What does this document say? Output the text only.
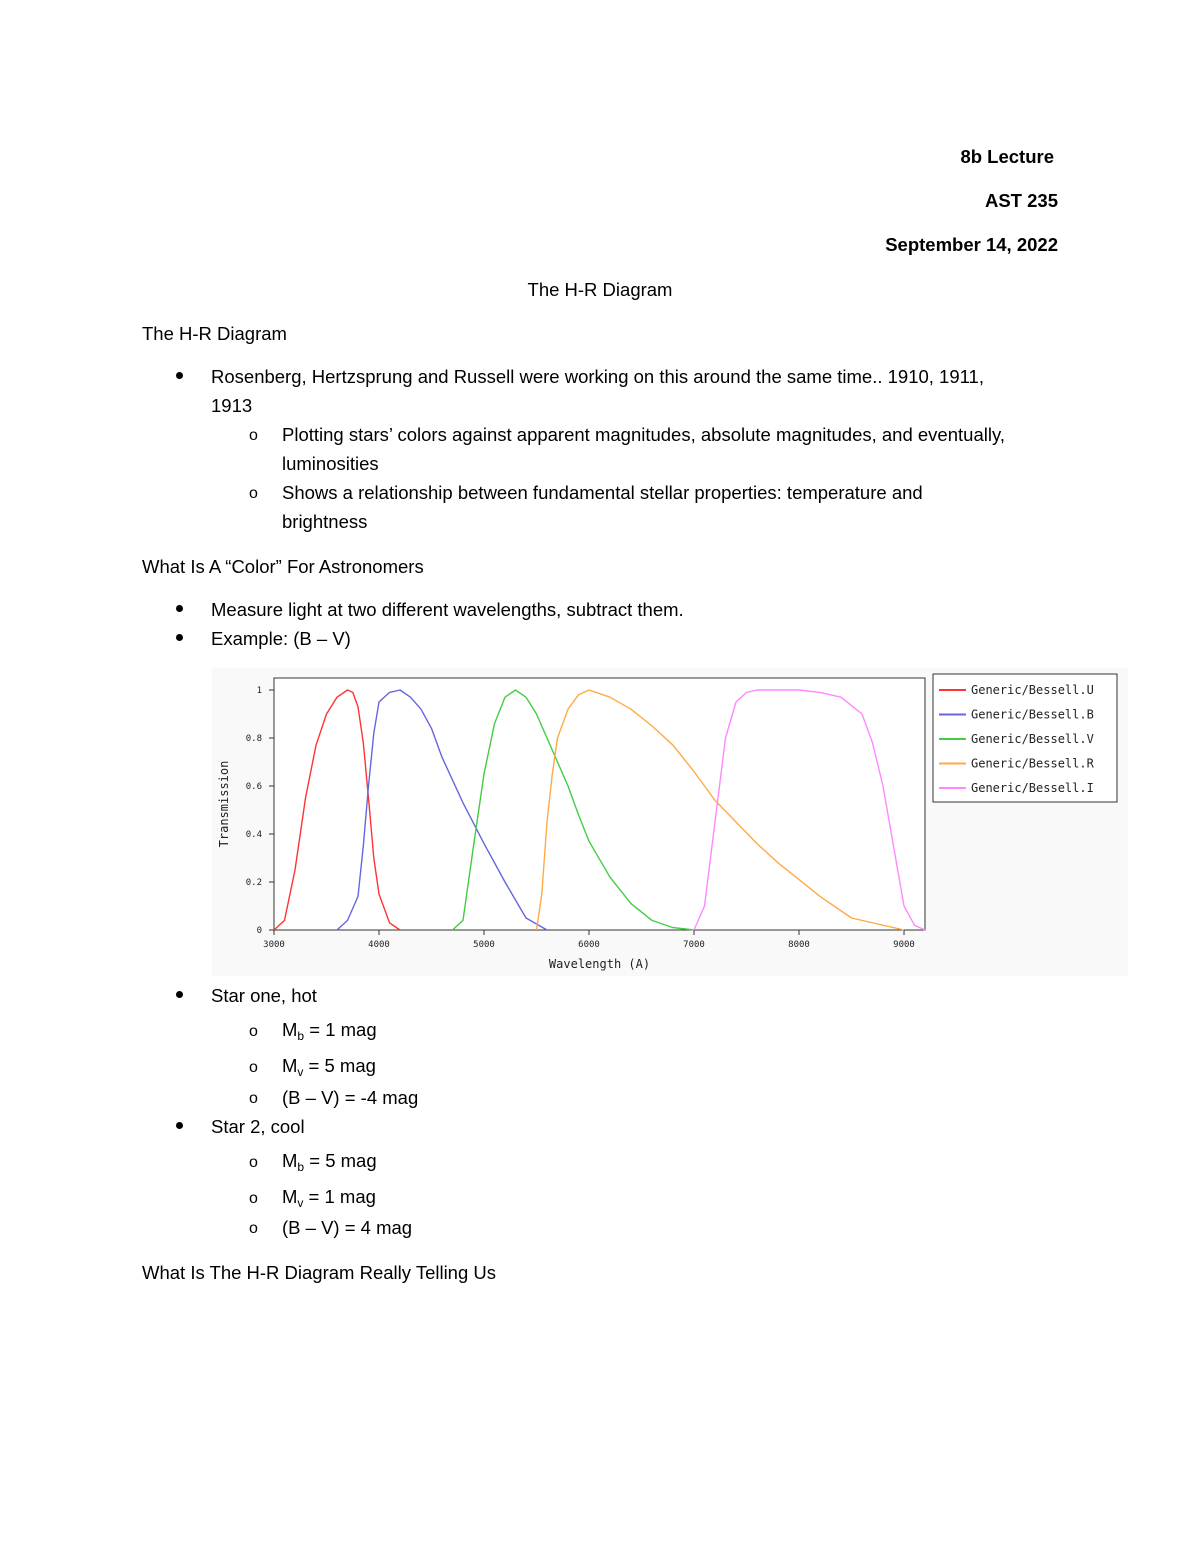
8b Lecture
AST 235
September 14, 2022
The H-R Diagram
The H-R Diagram
Rosenberg, Hertzsprung and Russell were working on this around the same time.. 1910, 1911,
1913
o Plotting stars’ colors against apparent magnitudes, absolute magnitudes, and eventually,
luminosities
o Shows a relationship between fundamental stellar properties: temperature and
brightness
What Is A “Color” For Astronomers
Measure light at two different wavelengths, subtract them.
Example: (B – V)
0
0.2
0.4
0.6
0.8
1
3000	4000	5000	6000	7000	8000	9000
Wavelength (A)
Transmission
Generic/Bessell.U
Generic/Bessell.B
Generic/Bessell.V
Generic/Bessell.R
Generic/Bessell.I
Star one, hot
o $M_b = 1$ mag
o $M_v = 5$ mag
o (B – V) = -4 mag
Star 2, cool
o $M_b = 5$ mag
o $M_v = 1$ mag
o (B – V) = 4 mag
What Is The H-R Diagram Really Telling Us
